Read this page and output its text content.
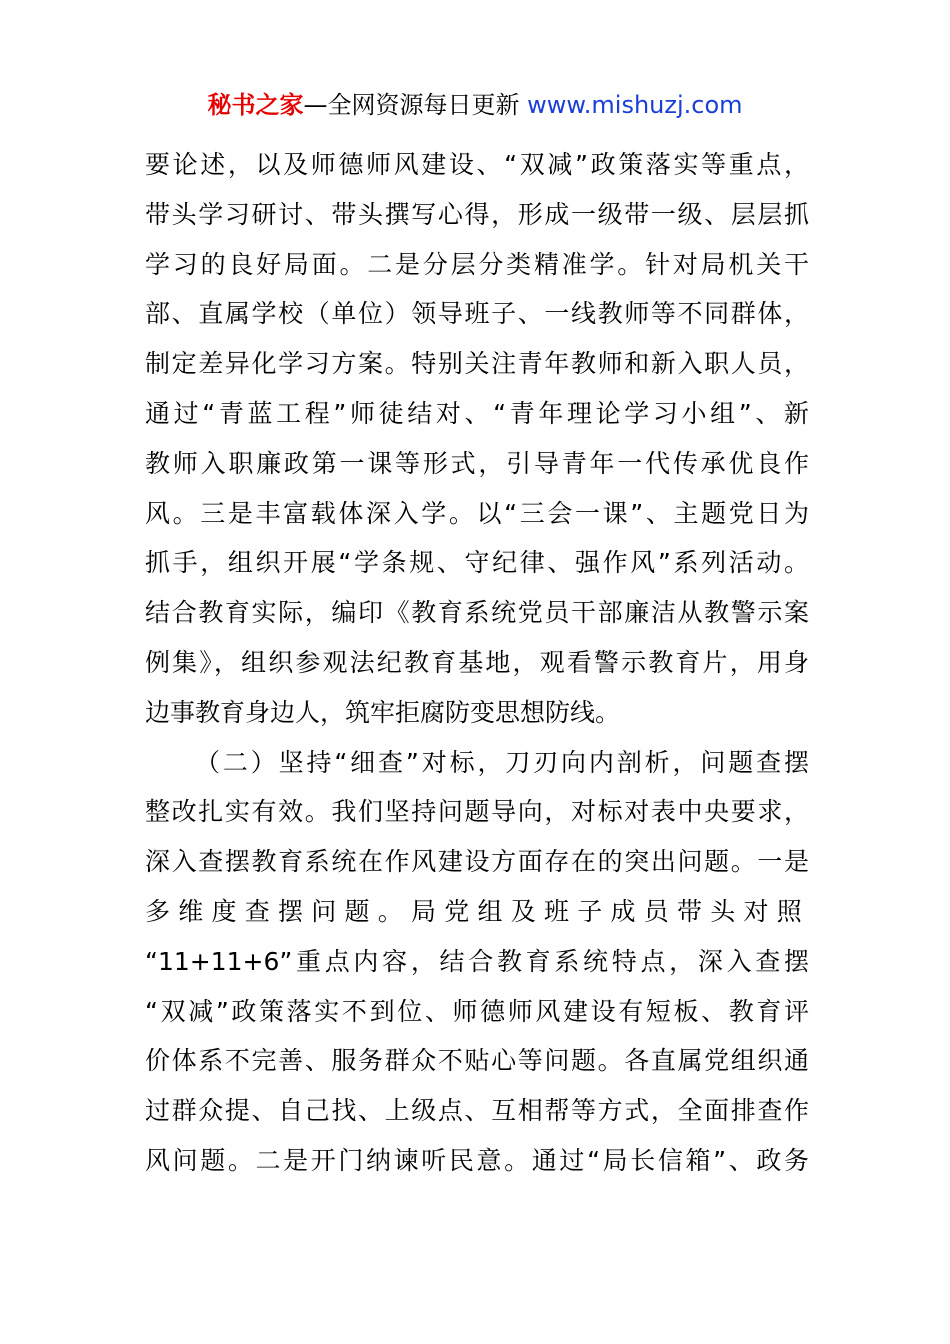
秘书之家—全网资源每日更新 www.mishuzj.com
要论述，以及师德师风建设、“双减”政策落实等重点，
带头学习研讨、带头撰写心得，形成一级带一级、层层抓
学习的良好局面。二是分层分类精准学。针对局机关干
部、直属学校（单位）领导班子、一线教师等不同群体，
制定差异化学习方案。特别关注青年教师和新入职人员，
通过“青蓝工程”师徒结对、“青年理论学习小组”、新
教师入职廉政第一课等形式，引导青年一代传承优良作
风。三是丰富载体深入学。以“三会一课”、主题党日为
抓手，组织开展“学条规、守纪律、强作风”系列活动。
结合教育实际，编印《教育系统党员干部廉洁从教警示案
例集》，组织参观法纪教育基地，观看警示教育片，用身
边事教育身边人，筑牢拒腐防变思想防线。
（二）坚持“细查”对标，刀刃向内剖析，问题查摆
整改扎实有效。我们坚持问题导向，对标对表中央要求，
深入查摆教育系统在作风建设方面存在的突出问题。一是
多维度查摆问题。局党组及班子成员带头对照
“11+11+6”重点内容，结合教育系统特点，深入查摆
“双减”政策落实不到位、师德师风建设有短板、教育评
价体系不完善、服务群众不贴心等问题。各直属党组织通
过群众提、自己找、上级点、互相帮等方式，全面排查作
风问题。二是开门纳谏听民意。通过“局长信箱”、政务
